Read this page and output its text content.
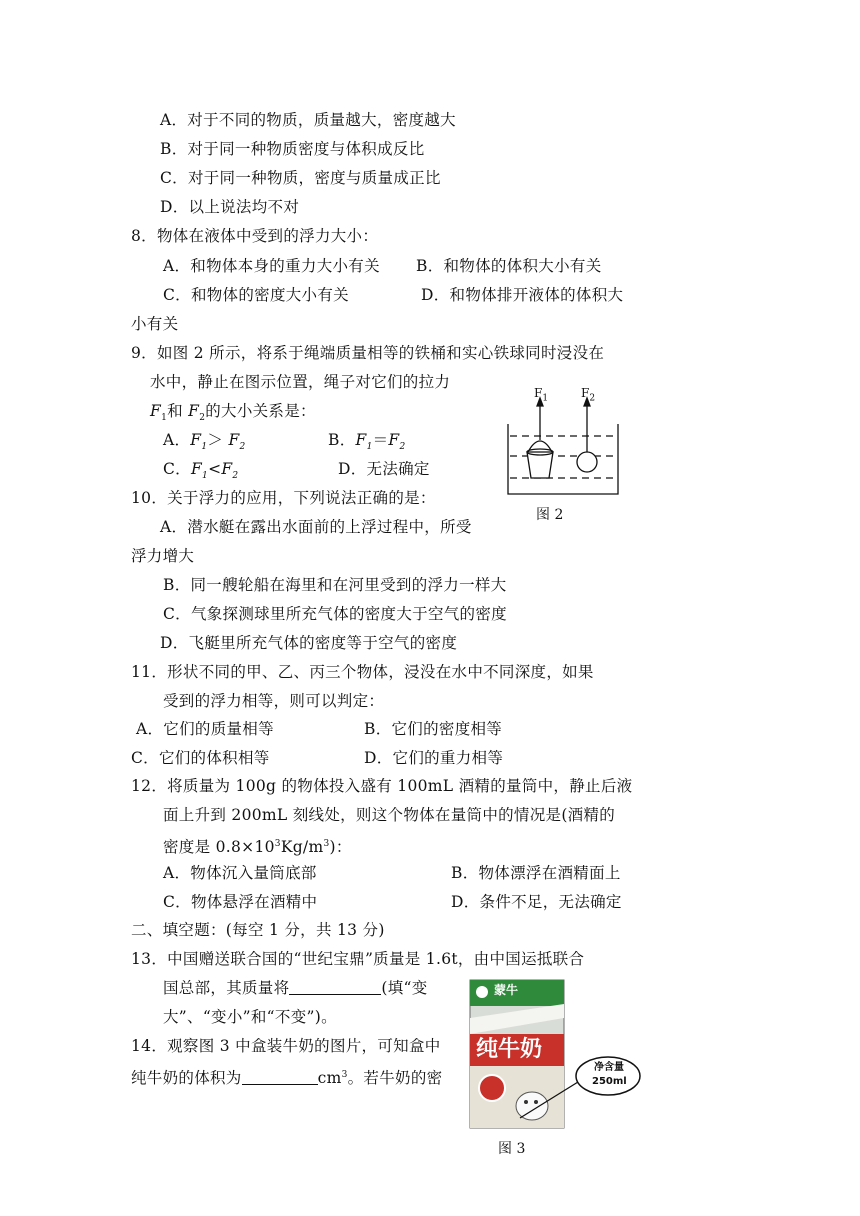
A．对于不同的物质，质量越大，密度越大
B．对于同一种物质密度与体积成反比
C．对于同一种物质，密度与质量成正比
D．以上说法均不对
8．物体在液体中受到的浮力大小：
A．和物体本身的重力大小有关 B．和物体的体积大小有关
C．和物体的密度大小有关	D．和物体排开液体的体积大
小有关
9．如图 2 所示，将系于绳端质量相等的铁桶和实心铁球同时浸没在
水中，静止在图示位置，绳子对它们的拉力
$F_1$和 $F_2$的大小关系是：
A．$F_1> F_2$	B．$F_1=F_2$
C．$F_1<F_2$	D．无法确定
$F_1$	$F_2$
图 2
10．关于浮力的应用，下列说法正确的是：
A．潜水艇在露出水面前的上浮过程中，所受
浮力增大
B．同一艘轮船在海里和在河里受到的浮力一样大
C．气象探测球里所充气体的密度大于空气的密度
D．飞艇里所充气体的密度等于空气的密度
11．形状不同的甲、乙、丙三个物体，浸没在水中不同深度，如果
受到的浮力相等，则可以判定：
A．它们的质量相等	B．它们的密度相等
C．它们的体积相等	D．它们的重力相等
12．将质量为 100g 的物体投入盛有 100mL 酒精的量筒中，静止后液
面上升到 200mL 刻线处，则这个物体在量筒中的情况是(酒精的
密度是 $0.8\times 10^3Kg/m^3$)：
A．物体沉入量筒底部	B．物体漂浮在酒精面上
C．物体悬浮在酒精中	D．条件不足，无法确定
二、填空题：(每空 1 分，共 13 分)
13．中国赠送联合国的“世纪宝鼎”质量是 1.6t，由中国运抵联合
国总部，其质量将	(填“变
大”、“变小”和“不变”)。
14．观察图 3 中盒装牛奶的图片，可知盒中
纯牛奶的体积为	$cm^3$。若牛奶的密
蒙牛
纯牛奶
净含量
250ml
图 3
